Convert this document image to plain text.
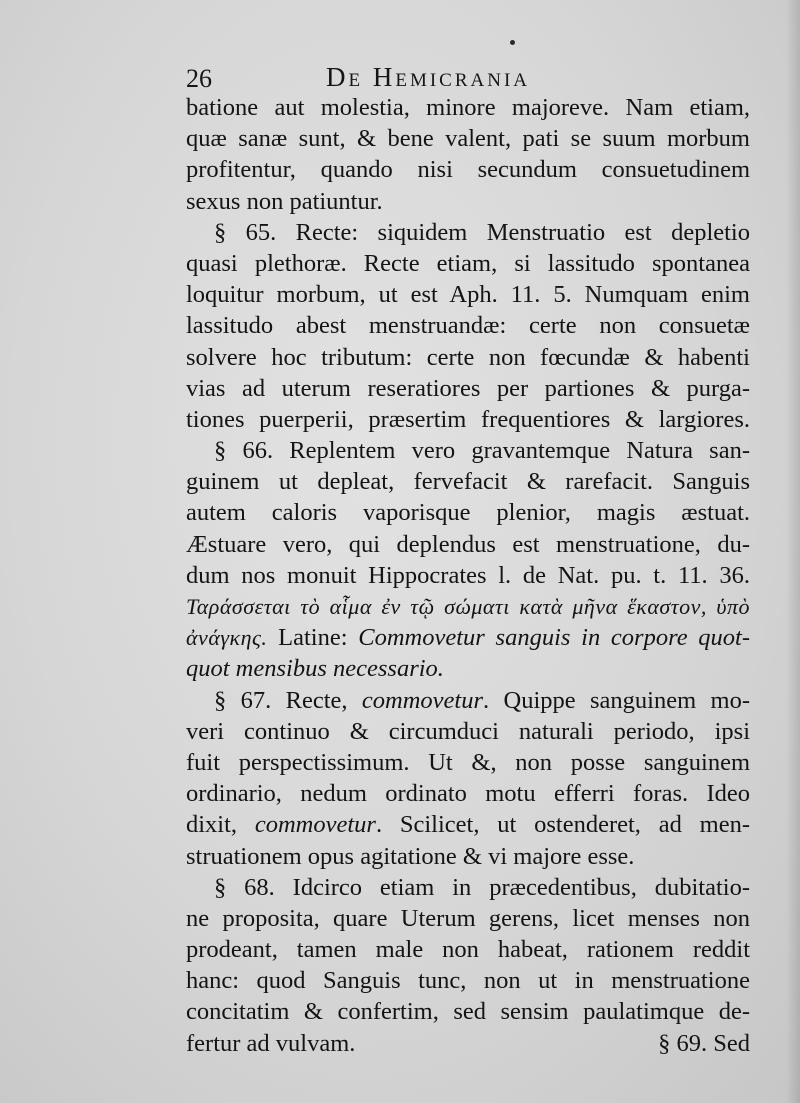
26	De Hemicrania
batione aut molestia, minore majoreve. Nam etiam,
quæ sanæ sunt, & bene valent, pati se suum morbum
profitentur, quando nisi secundum consuetudinem
sexus non patiuntur.
§ 65. Recte: siquidem Menstruatio est depletio
quasi plethoræ. Recte etiam, si lassitudo spontanea
loquitur morbum, ut est Aph. 11. 5. Numquam enim
lassitudo abest menstruandæ: certe non consuetæ
solvere hoc tributum: certe non fœcundæ & habenti
vias ad uterum reseratiores per partiones & purga-
tiones puerperii, præsertim frequentiores & largiores.
§ 66. Replentem vero gravantemque Natura san-
guinem ut depleat, fervefacit & rarefacit. Sanguis
autem caloris vaporisque plenior, magis æstuat.
Æstuare vero, qui deplendus est menstruatione, du-
dum nos monuit Hippocrates l. de Nat. pu. t. 11. 36.
Ταράσσεται τὸ αἷμα ἐν τῷ σώματι κατὰ μῆνα ἕκαστον, ὑπὸ
ἀνάγκης. Latine: Commovetur sanguis in corpore quot-
quot mensibus necessario.
§ 67. Recte, commovetur. Quippe sanguinem mo-
veri continuo & circumduci naturali periodo, ipsi
fuit perspectissimum. Ut &, non posse sanguinem
ordinario, nedum ordinato motu efferri foras. Ideo
dixit, commovetur. Scilicet, ut ostenderet, ad men-
struationem opus agitatione & vi majore esse.
§ 68. Idcirco etiam in præcedentibus, dubitatio-
ne proposita, quare Uterum gerens, licet menses non
prodeant, tamen male non habeat, rationem reddit
hanc: quod Sanguis tunc, non ut in menstruatione
concitatim & confertim, sed sensim paulatimque de-
fertur ad vulvam.	§ 69. Sed
